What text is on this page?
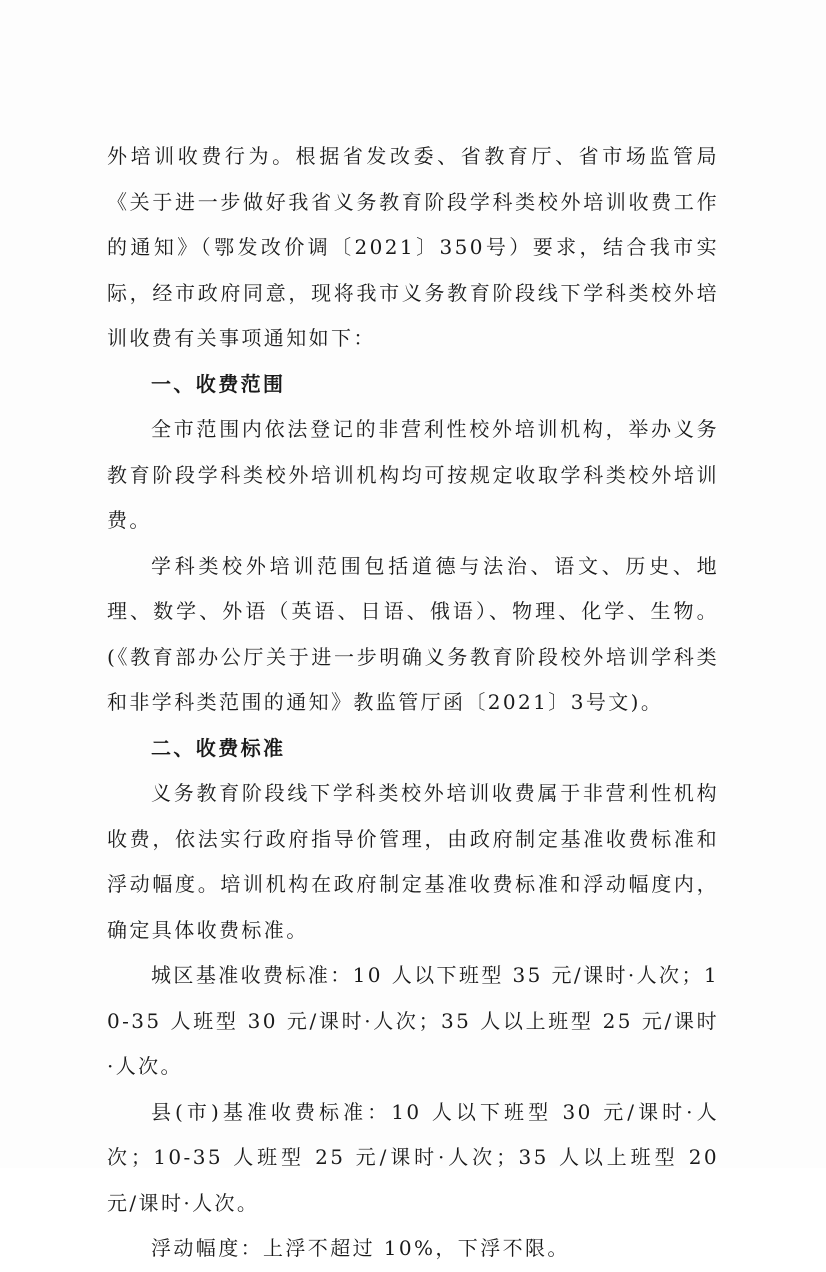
外培训收费行为。根据省发改委、省教育厅、省市场监管局《关于进一步做好我省义务教育阶段学科类校外培训收费工作的通知》（鄂发改价调〔2021〕350号）要求，结合我市实际，经市政府同意，现将我市义务教育阶段线下学科类校外培训收费有关事项通知如下：

一、收费范围

全市范围内依法登记的非营利性校外培训机构，举办义务教育阶段学科类校外培训机构均可按规定收取学科类校外培训费。

学科类校外培训范围包括道德与法治、语文、历史、地理、数学、外语（英语、日语、俄语）、物理、化学、生物。(《教育部办公厅关于进一步明确义务教育阶段校外培训学科类和非学科类范围的通知》教监管厅函〔2021〕3号文)。

二、收费标准

义务教育阶段线下学科类校外培训收费属于非营利性机构收费，依法实行政府指导价管理，由政府制定基准收费标准和浮动幅度。培训机构在政府制定基准收费标准和浮动幅度内，确定具体收费标准。

城区基准收费标准：10 人以下班型 35 元/课时·人次；10-35 人班型 30 元/课时·人次；35 人以上班型 25 元/课时·人次。

县(市)基准收费标准：10 人以下班型 30 元/课时·人次；10-35 人班型 25 元/课时·人次；35 人以上班型 20 元/课时·人次。

浮动幅度：上浮不超过 10%，下浮不限。
